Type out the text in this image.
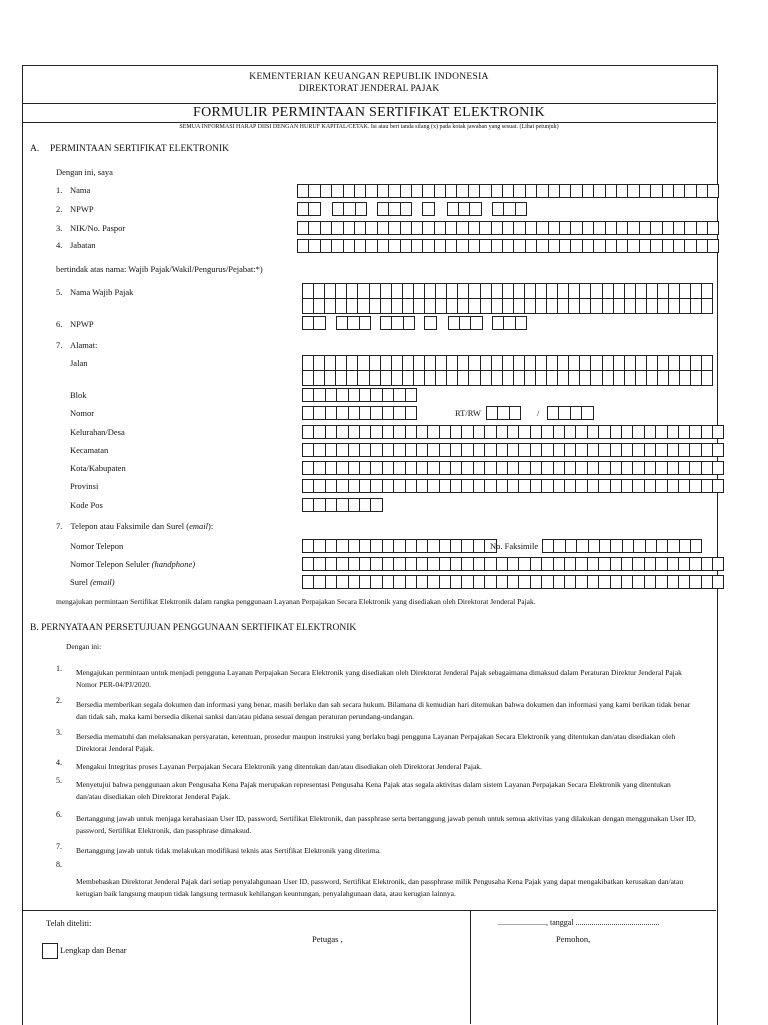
KEMENTERIAN KEUANGAN REPUBLIK INDONESIA
DIREKTORAT JENDERAL PAJAK
FORMULIR PERMINTAAN SERTIFIKAT ELEKTRONIK
SEMUA INFORMASI HARAP DIISI DENGAN HURUF KAPITAL/CETAK. Isi atau beri tanda silang (x) pada kotak jawaban yang sesuai. (Lihat petunjuk)
A. PERMINTAAN SERTIFIKAT ELEKTRONIK
Dengan ini, saya
1. Nama
2. NPWP
3. NIK/No. Paspor
4. Jabatan
bertindak atas nama: Wajib Pajak/Wakil/Pengurus/Pejabat:*)
5. Nama Wajib Pajak
6. NPWP
7. Alamat:
Jalan
Blok
Nomor	RT/RW	/
Kelurahan/Desa
Kecamatan
Kota/Kabupaten
Provinsi
Kode Pos
7. Telepon atau Faksimile dan Surel (email):
Nomor Telepon	No. Faksimile
Nomor Telepon Seluler (handphone)
Surel (email)
mengajukan permintaan Sertifikat Elektronik dalam rangka penggunaan Layanan Perpajakan Secara Elektronik yang disediakan oleh Direktorat Jenderal Pajak.
B. PERNYATAAN PERSETUJUAN PENGGUNAAN SERTIFIKAT ELEKTRONIK
Dengan ini:
1. Mengajukan permintaan untuk menjadi pengguna Layanan Perpajakan Secara Elektronik yang disediakan oleh Direktorat Jenderal Pajak sebagaimana dimaksud dalam Peraturan Direktur Jenderal Pajak Nomor PER-04/PJ/2020.
2. Bersedia memberikan segala dokumen dan informasi yang benar, masih berlaku dan sah secara hukum. Bilamana di kemudian hari ditemukan bahwa dokumen dan informasi yang kami berikan tidak benar dan tidak sah, maka kami bersedia dikenai sanksi dan/atau pidana sesuai dengan peraturan perundang-undangan.
3. Bersedia mematuhi dan melaksanakan persyaratan, ketentuan, prosedur maupun instruksi yang berlaku bagi pengguna Layanan Perpajakan Secara Elektronik yang ditentukan dan/atau disediakan oleh Direktorat Jenderal Pajak.
4. Mengakui Integritas proses Layanan Perpajakan Secara Elektronik yang ditentukan dan/atau disediakan oleh Direktorat Jenderal Pajak.
5. Menyetujui bahwa penggunaan akun Pengusaha Kena Pajak merupakan representasi Pengusaha Kena Pajak atas segala aktivitas dalam sistem Layanan Perpajakan Secara Elektronik yang ditentukan dan/atau disediakan oleh Direktorat Jenderal Pajak.
6. Bertanggung jawab untuk menjaga kerahasiaan User ID, password, Sertifikat Elektronik, dan passphrase serta bertanggung jawab penuh untuk semua aktivitas yang dilakukan dengan menggunakan User ID, password, Sertifikat Elektronik, dan passphrase dimaksud.
7. Bertanggung jawab untuk tidak melakukan modifikasi teknis atas Sertifikat Elektronik yang diterima.
8.
Membebaskan Direktorat Jenderal Pajak dari setiap penyalahgunaan User ID, password, Sertifikat Elektronik, dan passphrase milik Pengusaha Kena Pajak yang dapat mengakibatkan kerusakan dan/atau kerugian baik langsung maupun tidak langsung termasuk kehilangan keuntungan, penyalahgunaan data, atau kerugian lainnya.
Telah diteliti:
Petugas ,
Lengkap dan Benar
........................, tanggal ..........................................
Pemohon,
